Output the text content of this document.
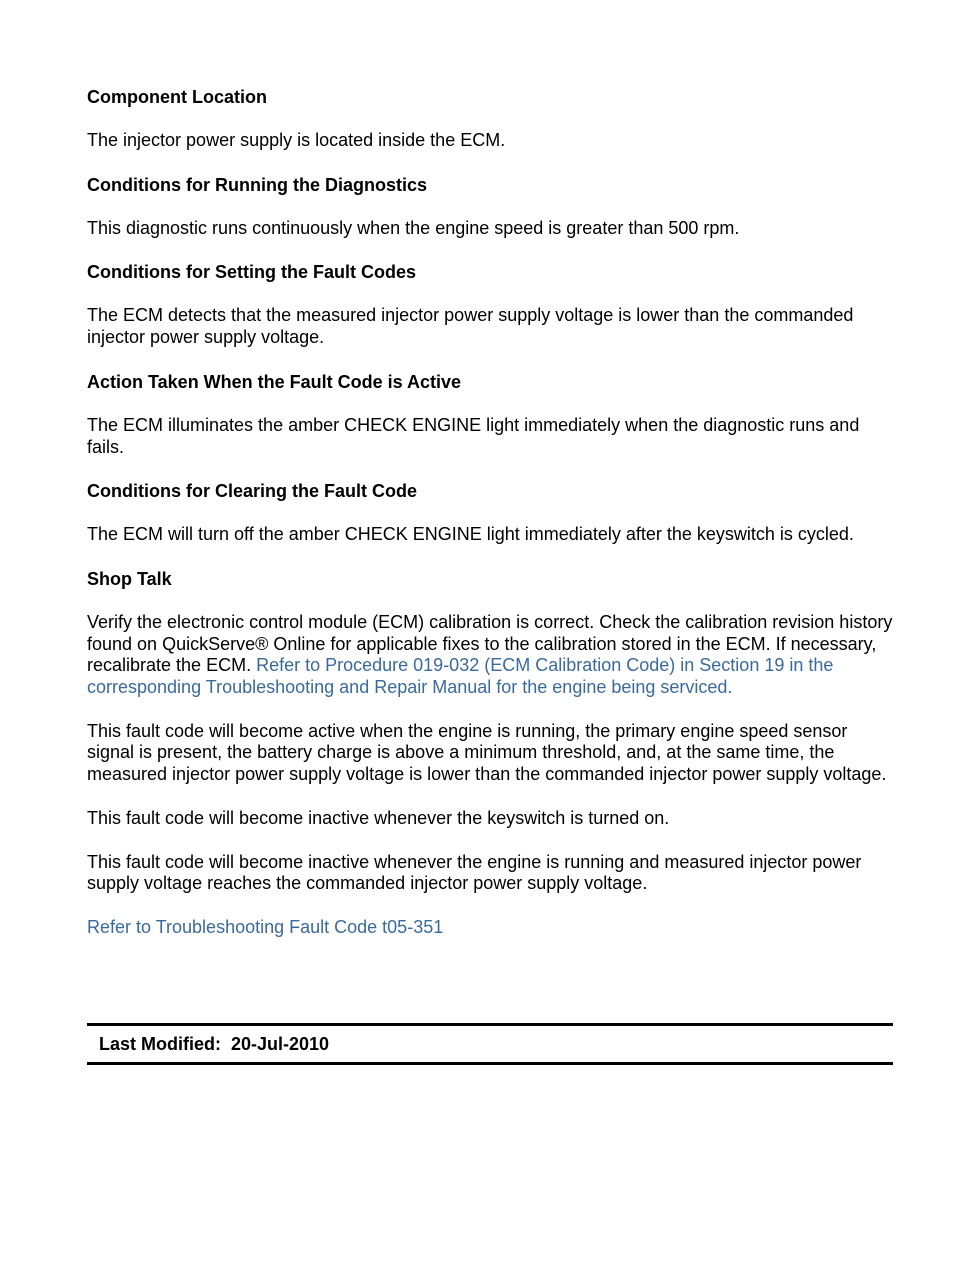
Component Location
The injector power supply is located inside the ECM.
Conditions for Running the Diagnostics
This diagnostic runs continuously when the engine speed is greater than 500 rpm.
Conditions for Setting the Fault Codes
The ECM detects that the measured injector power supply voltage is lower than the commanded injector power supply voltage.
Action Taken When the Fault Code is Active
The ECM illuminates the amber CHECK ENGINE light immediately when the diagnostic runs and fails.
Conditions for Clearing the Fault Code
The ECM will turn off the amber CHECK ENGINE light immediately after the keyswitch is cycled.
Shop Talk
Verify the electronic control module (ECM) calibration is correct. Check the calibration revision history found on QuickServe® Online for applicable fixes to the calibration stored in the ECM. If necessary, recalibrate the ECM. Refer to Procedure 019-032 (ECM Calibration Code) in Section 19 in the corresponding Troubleshooting and Repair Manual for the engine being serviced.
This fault code will become active when the engine is running, the primary engine speed sensor signal is present, the battery charge is above a minimum threshold, and, at the same time, the measured injector power supply voltage is lower than the commanded injector power supply voltage.
This fault code will become inactive whenever the keyswitch is turned on.
This fault code will become inactive whenever the engine is running and measured injector power supply voltage reaches the commanded injector power supply voltage.
Refer to Troubleshooting Fault Code t05-351
Last Modified:  20-Jul-2010
